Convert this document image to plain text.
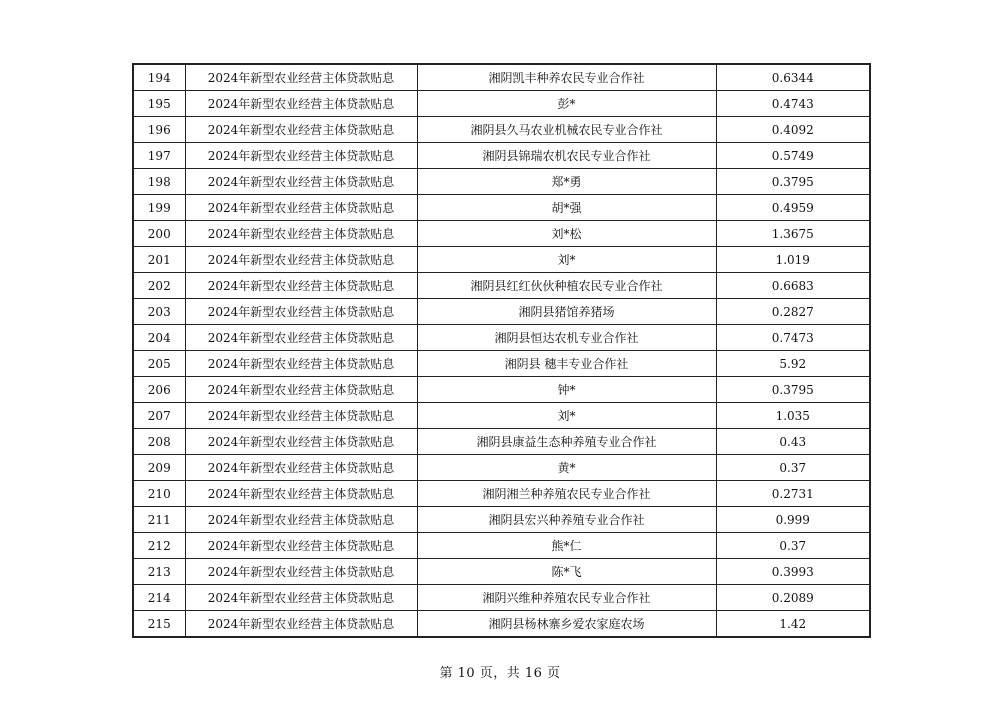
194	2024年新型农业经营主体贷款贴息	湘阴凯丰种养农民专业合作社	0.6344
195	2024年新型农业经营主体贷款贴息	彭*	0.4743
196	2024年新型农业经营主体贷款贴息	湘阴县久马农业机械农民专业合作社	0.4092
197	2024年新型农业经营主体贷款贴息	湘阴县锦瑞农机农民专业合作社	0.5749
198	2024年新型农业经营主体贷款贴息	郑*勇	0.3795
199	2024年新型农业经营主体贷款贴息	胡*强	0.4959
200	2024年新型农业经营主体贷款贴息	刘*松	1.3675
201	2024年新型农业经营主体贷款贴息	刘*	1.019
202	2024年新型农业经营主体贷款贴息	湘阴县红红伙伙种植农民专业合作社	0.6683
203	2024年新型农业经营主体贷款贴息	湘阴县猪馆养猪场	0.2827
204	2024年新型农业经营主体贷款贴息	湘阴县恒达农机专业合作社	0.7473
205	2024年新型农业经营主体贷款贴息	湘阴县 穗丰专业合作社	5.92
206	2024年新型农业经营主体贷款贴息	钟*	0.3795
207	2024年新型农业经营主体贷款贴息	刘*	1.035
208	2024年新型农业经营主体贷款贴息	湘阴县康益生态种养殖专业合作社	0.43
209	2024年新型农业经营主体贷款贴息	黄*	0.37
210	2024年新型农业经营主体贷款贴息	湘阴湘兰种养殖农民专业合作社	0.2731
211	2024年新型农业经营主体贷款贴息	湘阴县宏兴种养殖专业合作社	0.999
212	2024年新型农业经营主体贷款贴息	熊*仁	0.37
213	2024年新型农业经营主体贷款贴息	陈*飞	0.3993
214	2024年新型农业经营主体贷款贴息	湘阴兴维种养殖农民专业合作社	0.2089
215	2024年新型农业经营主体贷款贴息	湘阴县杨林寨乡爱农家庭农场	1.42
第 10 页，共 16 页
